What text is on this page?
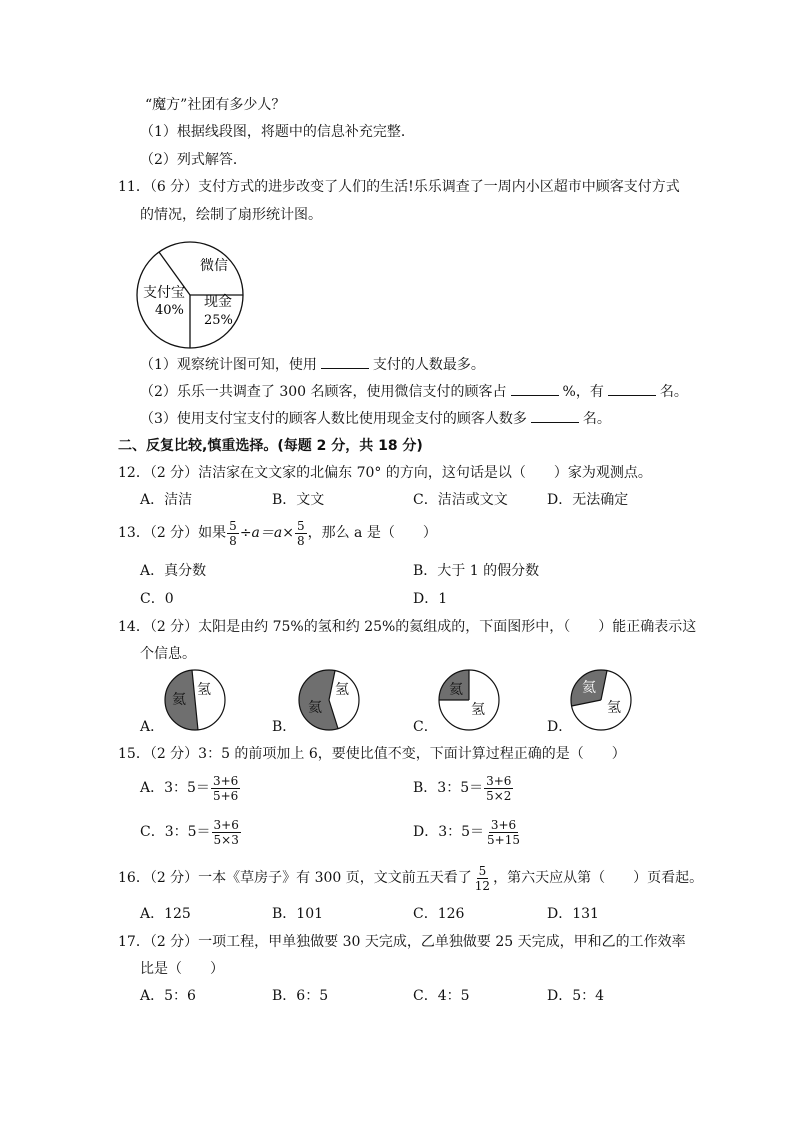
“魔方”社团有多少人？
（1）根据线段图，将题中的信息补充完整．
（2）列式解答．
11．（6 分）支付方式的进步改变了人们的生活!乐乐调查了一周内小区超市中顾客支付方式
的情况，绘制了扇形统计图。
微信
支付宝
40%
现金
25%
（1）观察统计图可知，使用	支付的人数最多。
（2）乐乐一共调查了 300 名顾客，使用微信支付的顾客占	%，有	名。
（3）使用支付宝支付的顾客人数比使用现金支付的顾客人数多	名。
二、反复比较,慎重选择。(每题 2 分，共 18 分)
12．（2 分）洁洁家在文文家的北偏东 70° 的方向，这句话是以（　　）家为观测点。
A．洁洁	B．文文	C．洁洁或文文	D．无法确定
13．（2 分）如果 $\frac{5}{8} \div a=a\times \frac{5}{8}$ ，那么 a 是（　　）
A．真分数	B．大于 1 的假分数
C．0	D．1
14．（2 分）太阳是由约 75%的氢和约 25%的氦组成的，下面图形中，（　　）能正确表示这
个信息。
A．
氦
氢
B．
氦
氢
C．
氦
氢
D．
氦
氢
15．（2 分）3：5 的前项加上 6，要使比值不变，下面计算过程正确的是（　　）
A．3：$5= \frac{3+6}{5+6}$	B．3：$5= \frac{3+6}{5\times 2}$
C．3：$5= \frac{3+6}{5\times 3}$	D．3：$5= \frac{3+6}{5+15}$
16．（2 分）一本《草房子》有 300 页，文文前五天看了 $\frac{5}{12}$ ，第六天应从第（　　）页看起。
A．125	B．101	C．126	D．131
17．（2 分）一项工程，甲单独做要 30 天完成，乙单独做要 25 天完成，甲和乙的工作效率
比是（　　）
A．5：6	B．6：5	C．4：5	D．5：4
